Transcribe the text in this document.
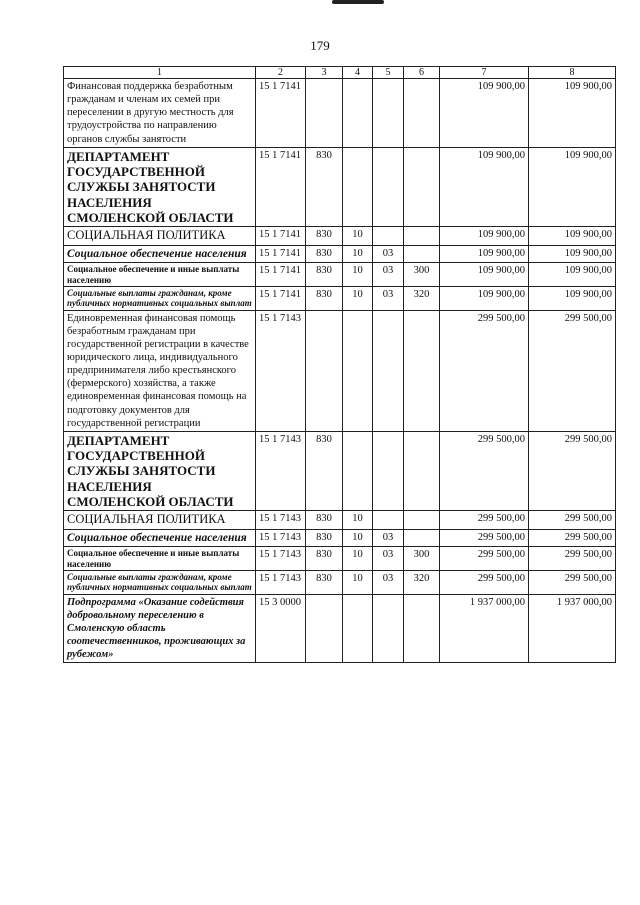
179
1	2	3	4	5	6	7	8
Финансовая поддержка безработным гражданам и членам их семей при переселении в другую местность для трудоустройства по направлению органов службы занятости	15 1 7141					109 900,00	109 900,00
ДЕПАРТАМЕНТ ГОСУДАРСТВЕННОЙ СЛУЖБЫ ЗАНЯТОСТИ НАСЕЛЕНИЯ СМОЛЕНСКОЙ ОБЛАСТИ	15 1 7141	830				109 900,00	109 900,00
СОЦИАЛЬНАЯ ПОЛИТИКА	15 1 7141	830	10			109 900,00	109 900,00
Социальное обеспечение населения	15 1 7141	830	10	03		109 900,00	109 900,00
Социальное обеспечение и иные выплаты населению	15 1 7141	830	10	03	300	109 900,00	109 900,00
Социальные выплаты гражданам, кроме публичных нормативных социальных выплат	15 1 7141	830	10	03	320	109 900,00	109 900,00
Единовременная финансовая помощь безработным гражданам при государственной регистрации в качестве юридического лица, индивидуального предпринимателя либо крестьянского (фермерского) хозяйства, а также единовременная финансовая помощь на подготовку документов для государственной регистрации	15 1 7143					299 500,00	299 500,00
ДЕПАРТАМЕНТ ГОСУДАРСТВЕННОЙ СЛУЖБЫ ЗАНЯТОСТИ НАСЕЛЕНИЯ СМОЛЕНСКОЙ ОБЛАСТИ	15 1 7143	830				299 500,00	299 500,00
СОЦИАЛЬНАЯ ПОЛИТИКА	15 1 7143	830	10			299 500,00	299 500,00
Социальное обеспечение населения	15 1 7143	830	10	03		299 500,00	299 500,00
Социальное обеспечение и иные выплаты населению	15 1 7143	830	10	03	300	299 500,00	299 500,00
Социальные выплаты гражданам, кроме публичных нормативных социальных выплат	15 1 7143	830	10	03	320	299 500,00	299 500,00
Подпрограмма «Оказание содействия добровольному переселению в Смоленскую область соотечественников, проживающих за рубежом»	15 3 0000					1 937 000,00	1 937 000,00
